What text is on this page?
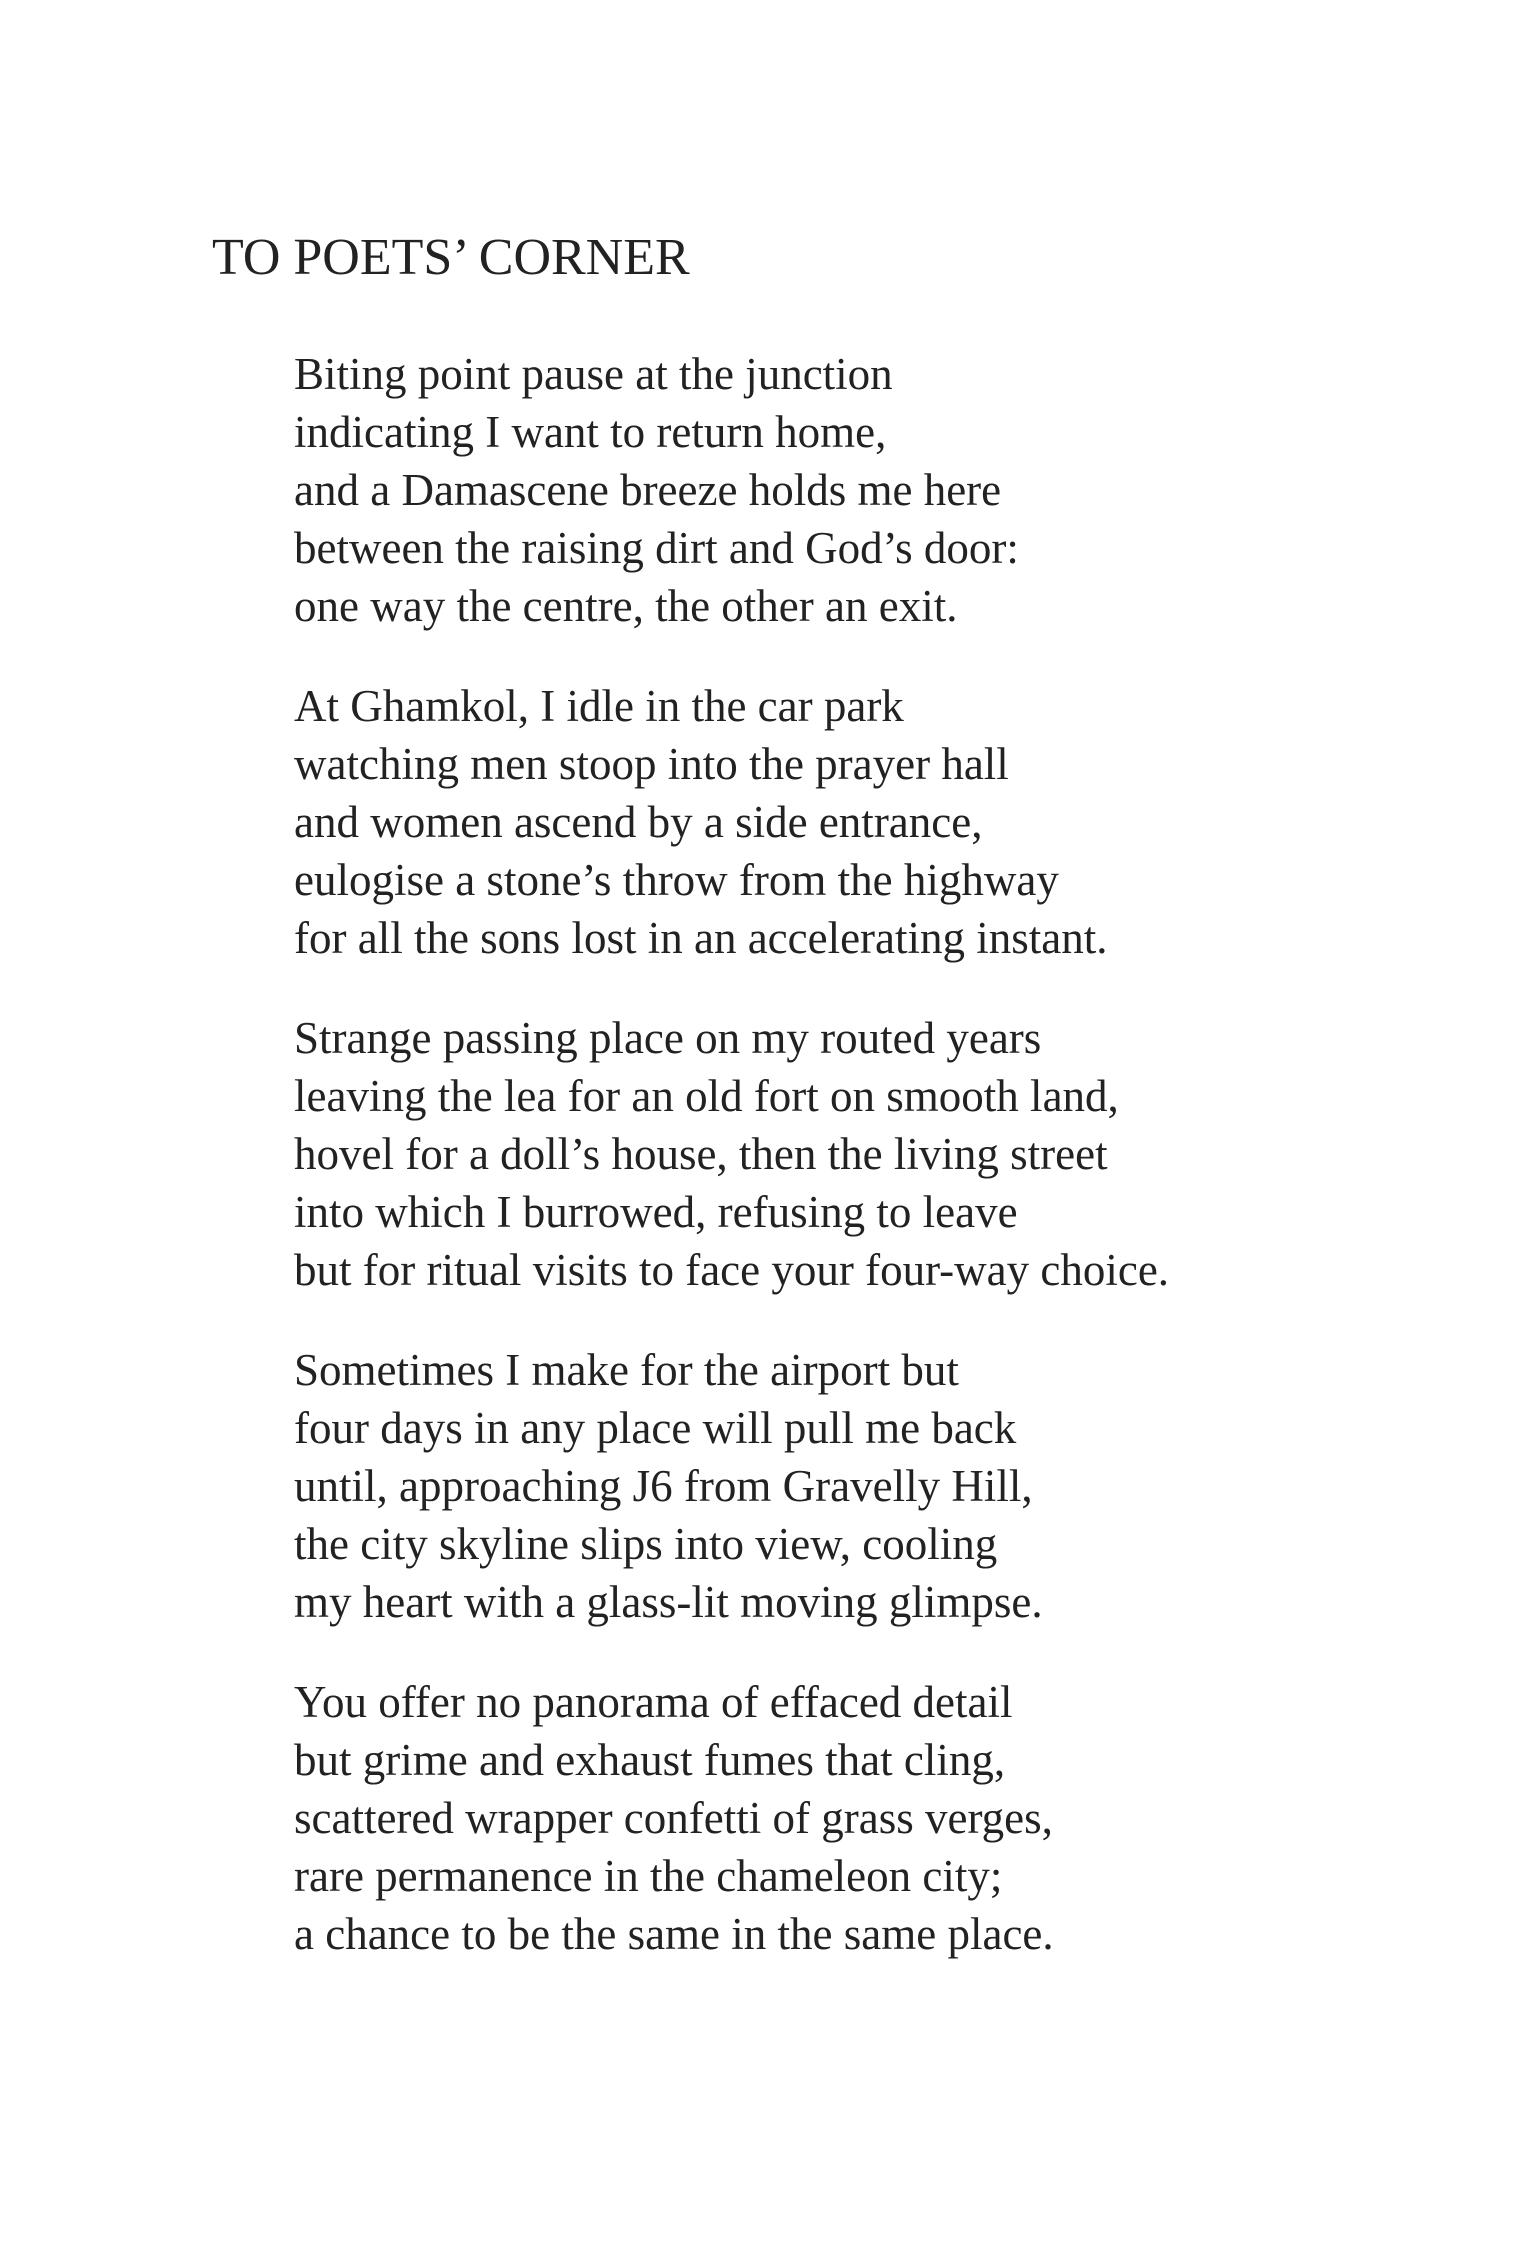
TO POETS’ CORNER
Biting point pause at the junction
indicating I want to return home,
and a Damascene breeze holds me here
between the raising dirt and God’s door:
one way the centre, the other an exit.
At Ghamkol, I idle in the car park
watching men stoop into the prayer hall
and women ascend by a side entrance,
eulogise a stone’s throw from the highway
for all the sons lost in an accelerating instant.
Strange passing place on my routed years
leaving the lea for an old fort on smooth land,
hovel for a doll’s house, then the living street
into which I burrowed, refusing to leave
but for ritual visits to face your four-way choice.
Sometimes I make for the airport but
four days in any place will pull me back
until, approaching J6 from Gravelly Hill,
the city skyline slips into view, cooling
my heart with a glass-lit moving glimpse.
You offer no panorama of effaced detail
but grime and exhaust fumes that cling,
scattered wrapper confetti of grass verges,
rare permanence in the chameleon city;
a chance to be the same in the same place.
